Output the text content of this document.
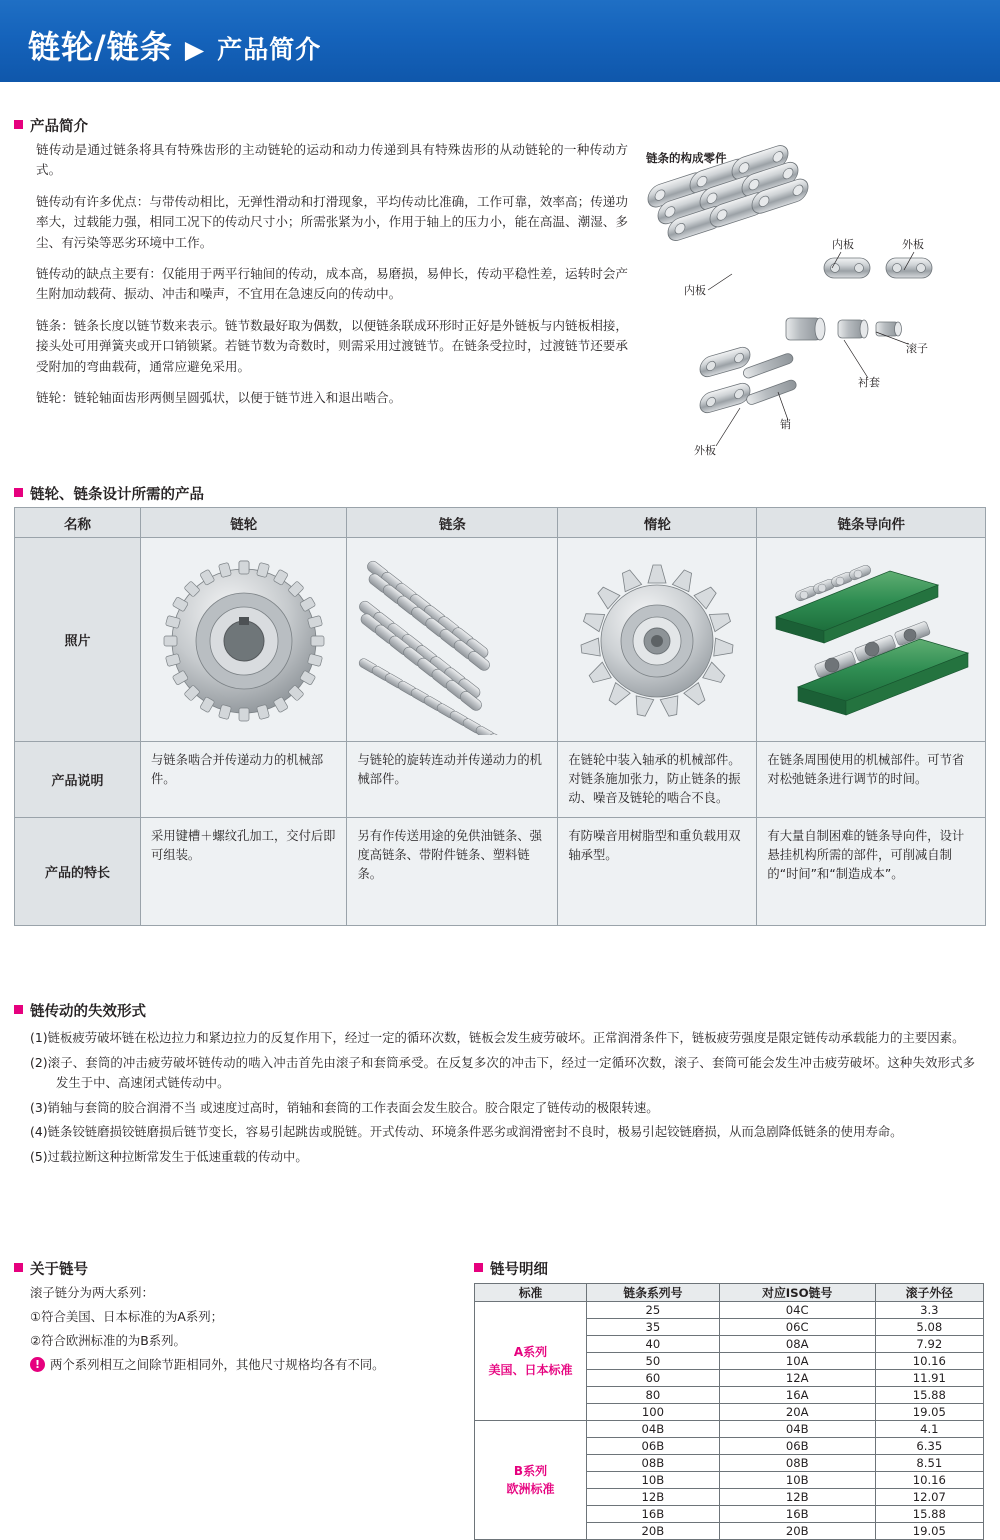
链轮/链条 ▶ 产品简介
产品简介

链传动是通过链条将具有特殊齿形的主动链轮的运动和动力传递到具有特殊齿形的从动链轮的一种传动方式。

链传动有许多优点：与带传动相比，无弹性滑动和打滑现象，平均传动比准确，工作可靠，效率高；传递功率大，过载能力强，相同工况下的传动尺寸小；所需张紧为小，作用于轴上的压力小，能在高温、潮湿、多尘、有污染等恶劣环境中工作。

链传动的缺点主要有：仅能用于两平行轴间的传动，成本高，易磨损，易伸长，传动平稳性差，运转时会产生附加动载荷、振动、冲击和噪声，不宜用在急速反向的传动中。

链条：链条长度以链节数来表示。链节数最好取为偶数，以便链条联成环形时正好是外链板与内链板相接，接头处可用弹簧夹或开口销锁紧。若链节数为奇数时，则需采用过渡链节。在链条受拉时，过渡链节还要承受附加的弯曲载荷，通常应避免采用。

链轮：链轮轴面齿形两侧呈圆弧状，以便于链节进入和退出啮合。

链条的构成零件
内板	外板
内板
滚子
衬套
销
外板
链轮、链条设计所需的产品
名称	链轮	链条	惰轮	链条导向件
照片	

产品说明	与链条啮合并传递动力的机械部件。	与链轮的旋转连动并传递动力的机械部件。	在链轮中装入轴承的机械部件。对链条施加张力，防止链条的振动、噪音及链轮的啮合不良。	在链条周围使用的机械部件。可节省对松弛链条进行调节的时间。
产品的特长	采用键槽＋螺纹孔加工，交付后即可组装。	另有作传送用途的免供油链条、强度高链条、带附件链条、塑料链条。	有防噪音用树脂型和重负载用双轴承型。	有大量自制困难的链条导向件，设计悬挂机构所需的部件，可削减自制的“时间”和“制造成本”。
链传动的失效形式
(1)链板疲劳破坏链在松边拉力和紧边拉力的反复作用下，经过一定的循环次数，链板会发生疲劳破坏。正常润滑条件下，链板疲劳强度是限定链传动承载能力的主要因素。
(2)滚子、套筒的冲击疲劳破坏链传动的啮入冲击首先由滚子和套筒承受。在反复多次的冲击下，经过一定循环次数，滚子、套筒可能会发生冲击疲劳破坏。这种失效形式多发生于中、高速闭式链传动中。
(3)销轴与套筒的胶合润滑不当 或速度过高时，销轴和套筒的工作表面会发生胶合。胶合限定了链传动的极限转速。
(4)链条铰链磨损铰链磨损后链节变长，容易引起跳齿或脱链。开式传动、环境条件恶劣或润滑密封不良时，极易引起铰链磨损，从而急剧降低链条的使用寿命。
(5)过载拉断这种拉断常发生于低速重载的传动中。
关于链号

滚子链分为两大系列：

①符合美国、日本标准的为A系列；

②符合欧洲标准的为B系列。

! 两个系列相互之间除节距相同外，其他尺寸规格均各有不同。

链号明细
标准	链条系列号	对应ISO链号	滚子外径

A系列
美国、日本标准	25	04C	3.3
	35	06C	5.08
	40	08A	7.92
	50	10A	10.16
	60	12A	11.91
	80	16A	15.88
	100	20A	19.05

B系列
欧洲标准	04B	04B	4.1
	06B	06B	6.35
	08B	08B	8.51
	10B	10B	10.16
	12B	12B	12.07
	16B	16B	15.88
	20B	20B	19.05
